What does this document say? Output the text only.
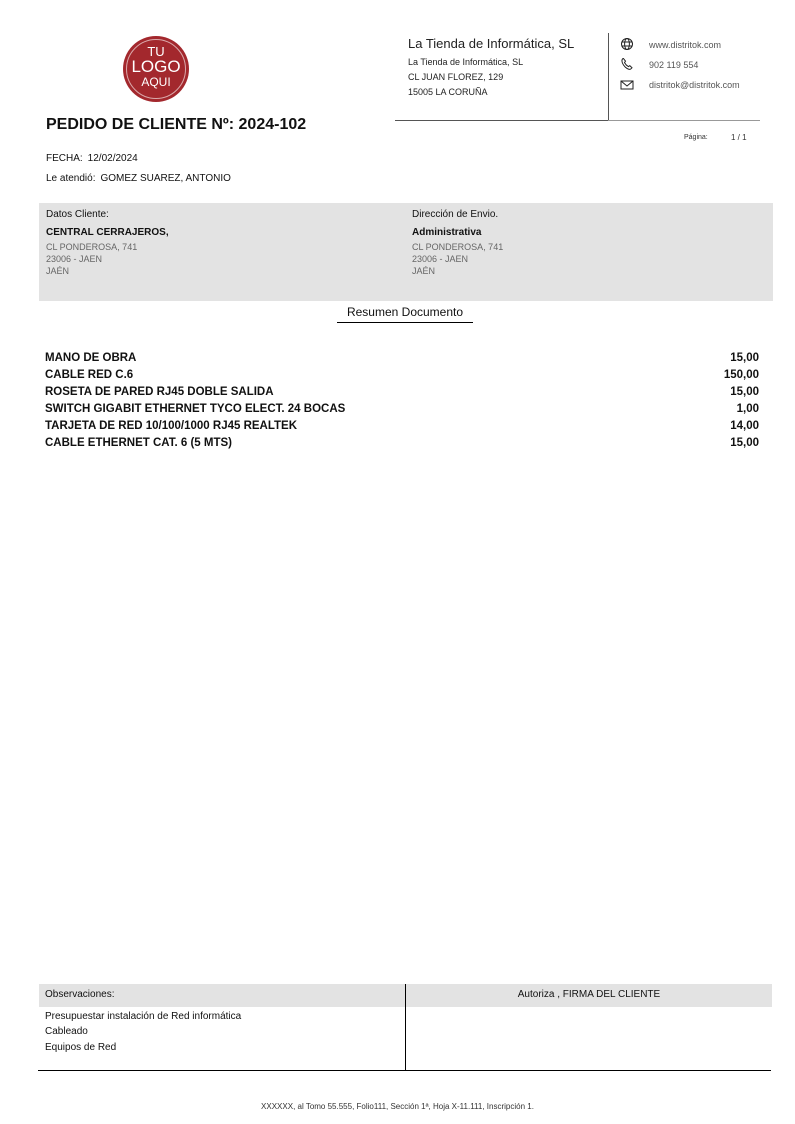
TU
LOGO
AQUI
La Tienda de Informática, SL
La Tienda de Informática, SL
CL JUAN FLOREZ, 129
15005 LA CORUÑA
www.distritok.com
902 119 554
distritok@distritok.com
PEDIDO DE CLIENTE Nº: 2024-102
Página:	1 / 1
FECHA: 12/02/2024
Le atendió: GOMEZ SUAREZ, ANTONIO
Datos Cliente:
CENTRAL CERRAJEROS,
CL PONDEROSA, 741
23006 - JAEN
JAÉN
Dirección de Envio.
Administrativa
CL PONDEROSA, 741
23006 - JAEN
JAÉN
Resumen Documento
MANO DE OBRA	15,00
CABLE RED C.6	150,00
ROSETA DE PARED RJ45 DOBLE SALIDA	15,00
SWITCH GIGABIT ETHERNET TYCO ELECT. 24 BOCAS	1,00
TARJETA DE RED 10/100/1000 RJ45 REALTEK	14,00
CABLE ETHERNET CAT. 6 (5 MTS)	15,00
Observaciones:	Autoriza , FIRMA DEL CLIENTE
Presupuestar instalación de Red informática
Cableado
Equipos de Red
XXXXXX, al Tomo 55.555, Folio111, Sección 1ª, Hoja X-11.111, Inscripción 1.
